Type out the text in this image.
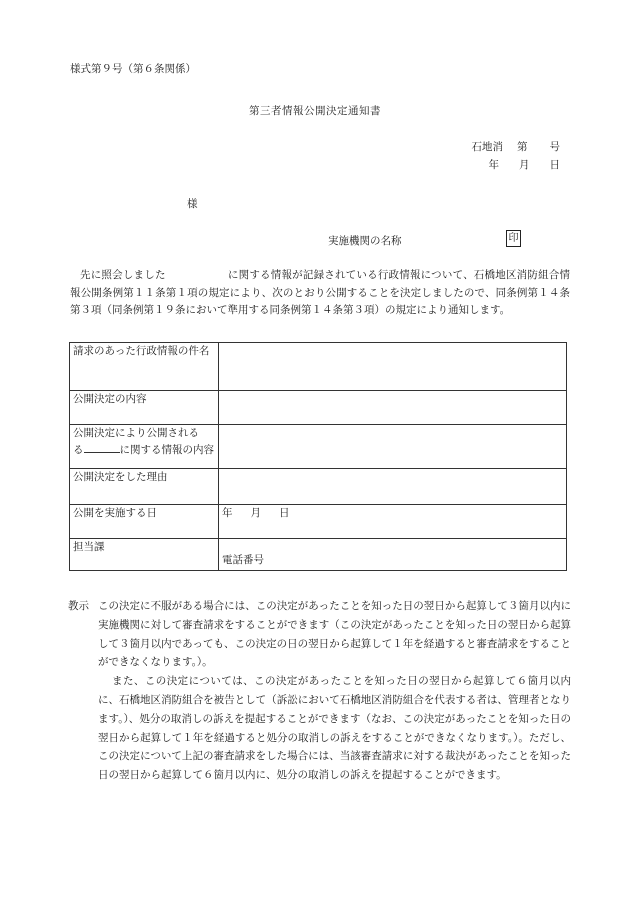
様式第９号（第６条関係）
第三者情報公開決定通知書
石地消 第 号
年 月 日
様
実施機関の名称	印
先に照会しました	に関する情報が記録されている行政情報について、石橋地区消防組合情報公開条例第１１条第１項の規定により、次のとおり公開することを決定しましたので、同条例第１４条第３項（同条例第１９条において準用する同条例第１４条第３項）の規定により通知します。
請求のあった行政情報の件名	
公開決定の内容	
公開決定により公開される
る に関する情報の内容	
公開決定をした理由	
公開を実施する日	年 月 日
担当課	電話番号
教示 この決定に不服がある場合には、この決定があったことを知った日の翌日から起算して３箇月以内に実施機関に対して審査請求をすることができます（この決定があったことを知った日の翌日から起算して３箇月以内であっても、この決定の日の翌日から起算して１年を経過すると審査請求をすることができなくなります。）。
また、この決定については、この決定があったことを知った日の翌日から起算して６箇月以内に、石橋地区消防組合を被告として（訴訟において石橋地区消防組合を代表する者は、管理者となります。）、処分の取消しの訴えを提起することができます（なお、この決定があったことを知った日の翌日から起算して１年を経過すると処分の取消しの訴えをすることができなくなります。）。ただし、この決定について上記の審査請求をした場合には、当該審査請求に対する裁決があったことを知った日の翌日から起算して６箇月以内に、処分の取消しの訴えを提起することができます。
